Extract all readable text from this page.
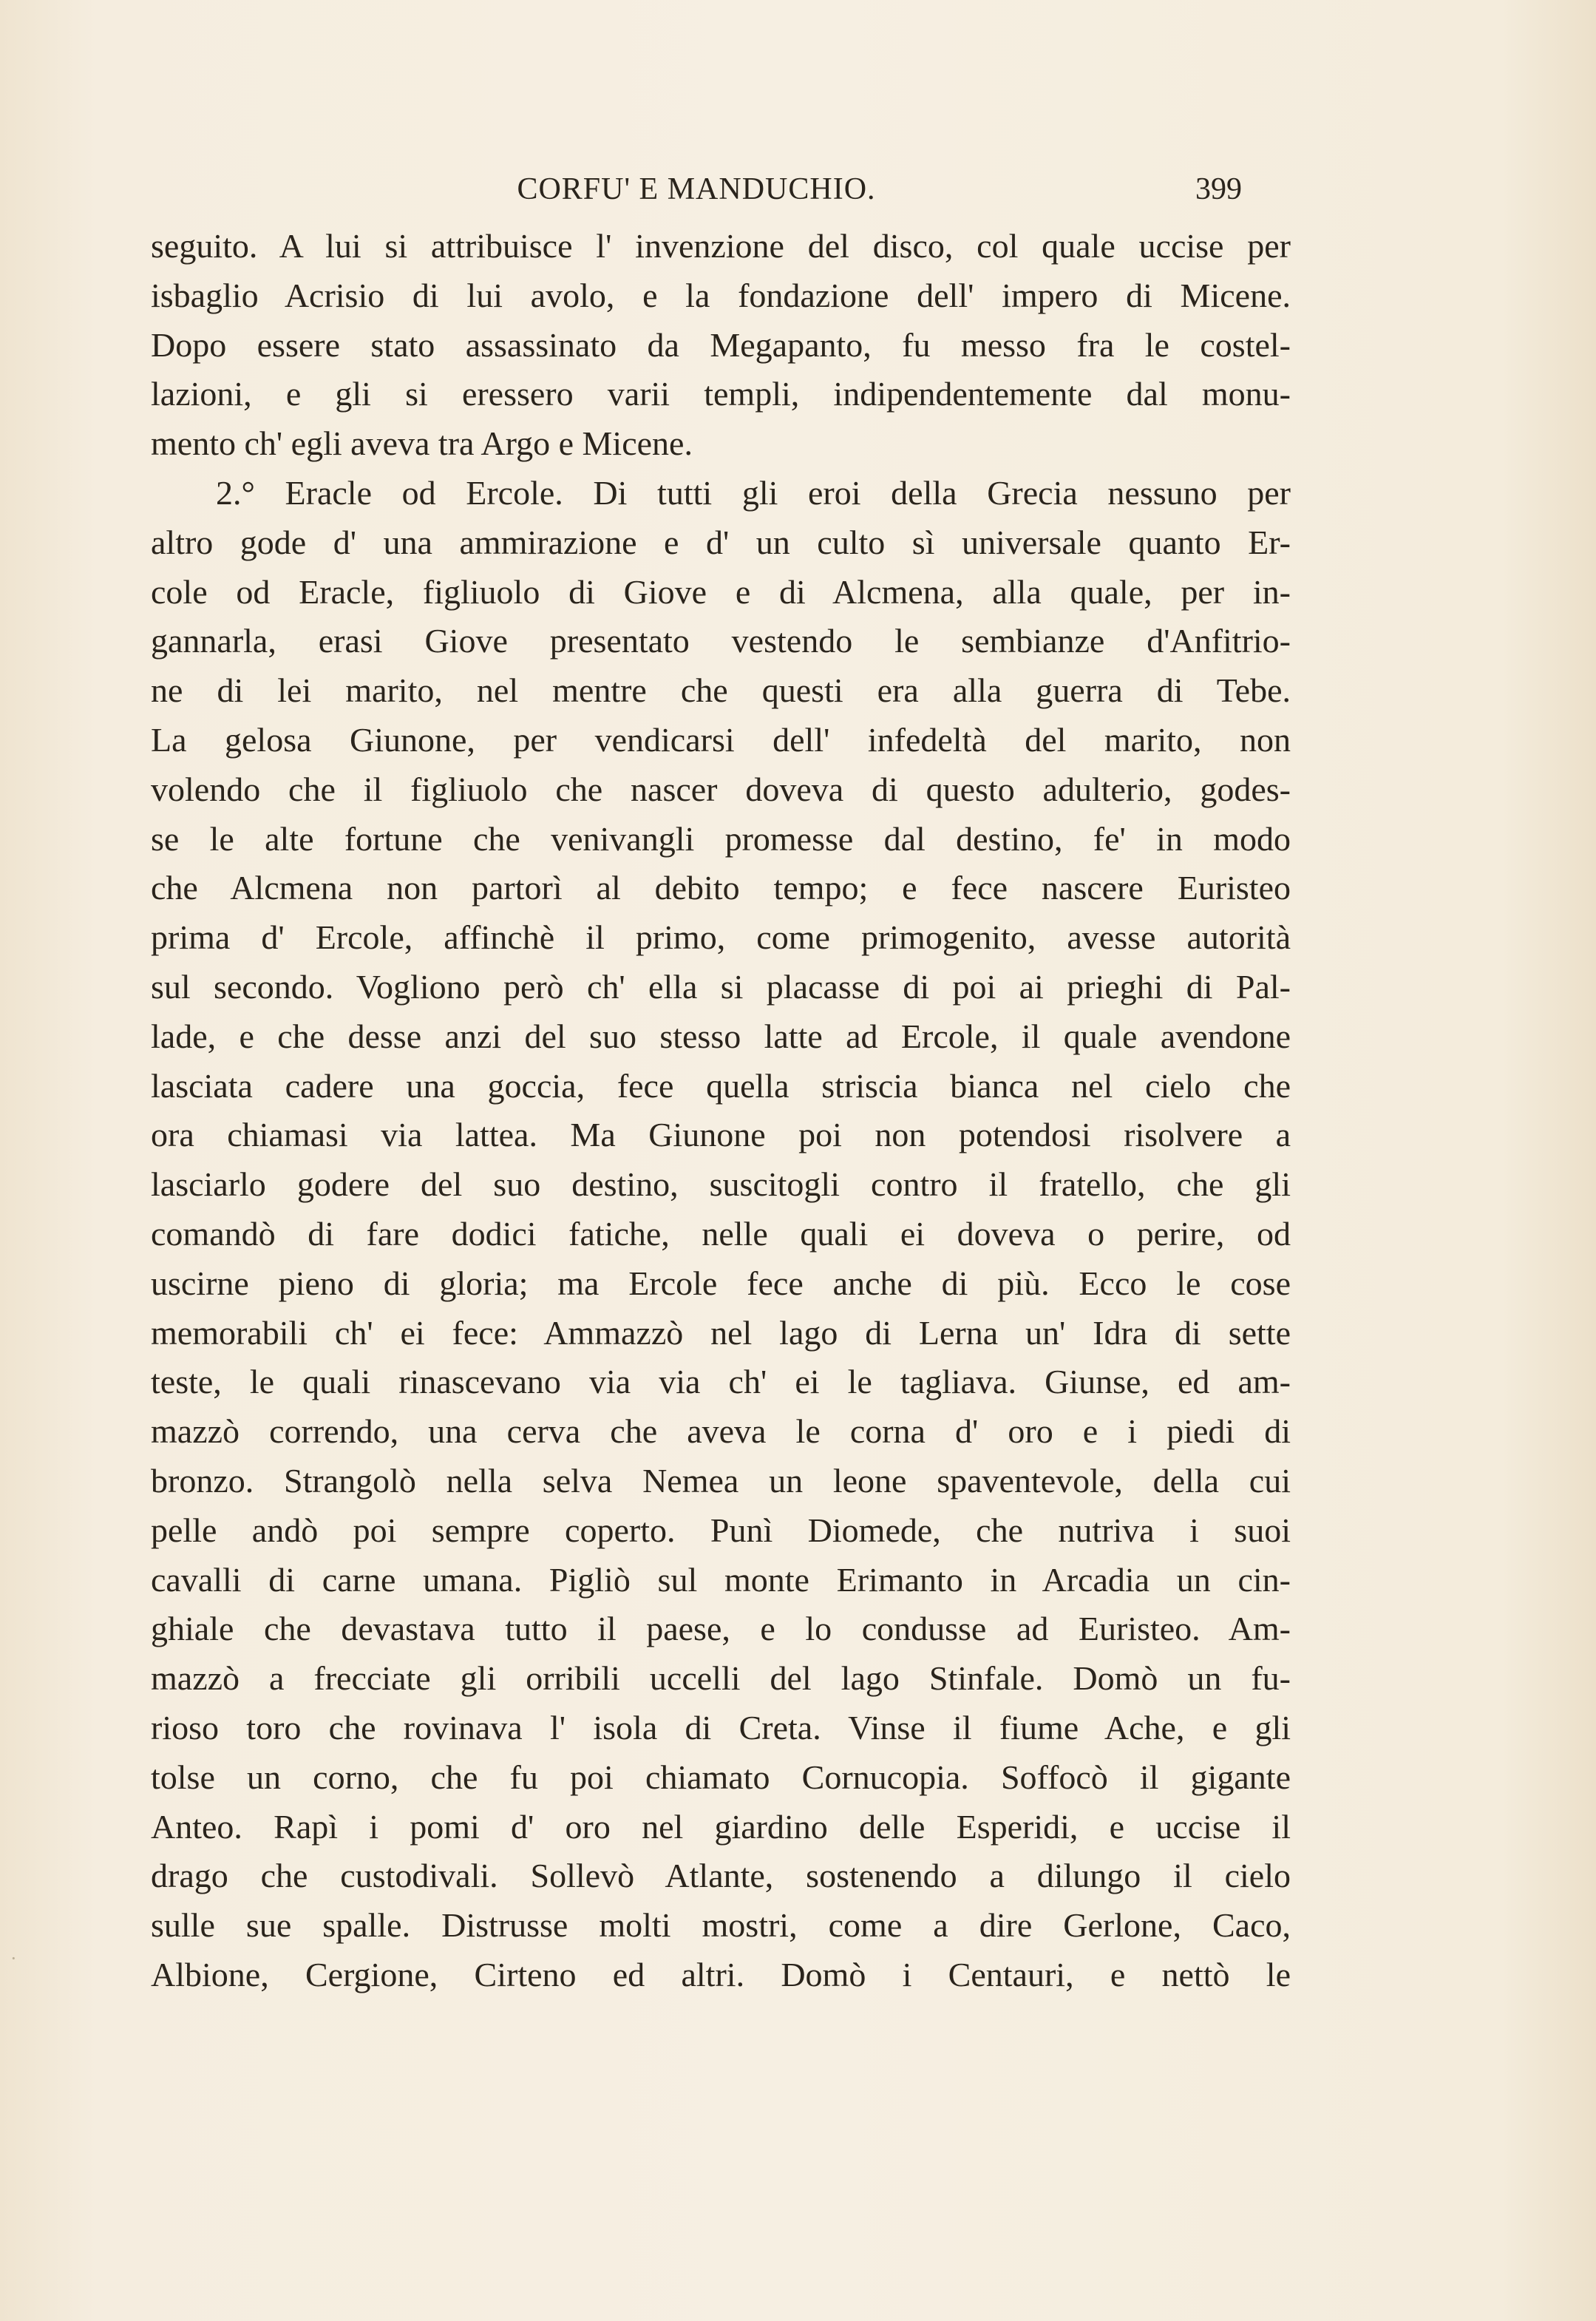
CORFU' E MANDUCHIO.	399
seguito. A lui si attribuisce l' invenzione del disco, col quale uccise per
isbaglio Acrisio di lui avolo, e la fondazione dell' impero di Micene.
Dopo essere stato assassinato da Megapanto, fu messo fra le costel-
lazioni, e gli si eressero varii templi, indipendentemente dal monu-
mento ch' egli aveva tra Argo e Micene.
2.° Eracle od Ercole. Di tutti gli eroi della Grecia nessuno per
altro gode d' una ammirazione e d' un culto sì universale quanto Er-
cole od Eracle, figliuolo di Giove e di Alcmena, alla quale, per in-
gannarla, erasi Giove presentato vestendo le sembianze d'Anfitrio-
ne di lei marito, nel mentre che questi era alla guerra di Tebe.
La gelosa Giunone, per vendicarsi dell' infedeltà del marito, non
volendo che il figliuolo che nascer doveva di questo adulterio, godes-
se le alte fortune che venivangli promesse dal destino, fe' in modo
che Alcmena non partorì al debito tempo; e fece nascere Euristeo
prima d' Ercole, affinchè il primo, come primogenito, avesse autorità
sul secondo. Vogliono però ch' ella si placasse di poi ai prieghi di Pal-
lade, e che desse anzi del suo stesso latte ad Ercole, il quale avendone
lasciata cadere una goccia, fece quella striscia bianca nel cielo che
ora chiamasi via lattea. Ma Giunone poi non potendosi risolvere a
lasciarlo godere del suo destino, suscitogli contro il fratello, che gli
comandò di fare dodici fatiche, nelle quali ei doveva o perire, od
uscirne pieno di gloria; ma Ercole fece anche di più. Ecco le cose
memorabili ch' ei fece: Ammazzò nel lago di Lerna un' Idra di sette
teste, le quali rinascevano via via ch' ei le tagliava. Giunse, ed am-
mazzò correndo, una cerva che aveva le corna d' oro e i piedi di
bronzo. Strangolò nella selva Nemea un leone spaventevole, della cui
pelle andò poi sempre coperto. Punì Diomede, che nutriva i suoi
cavalli di carne umana. Pigliò sul monte Erimanto in Arcadia un cin-
ghiale che devastava tutto il paese, e lo condusse ad Euristeo. Am-
mazzò a frecciate gli orribili uccelli del lago Stinfale. Domò un fu-
rioso toro che rovinava l' isola di Creta. Vinse il fiume Ache, e gli
tolse un corno, che fu poi chiamato Cornucopia. Soffocò il gigante
Anteo. Rapì i pomi d' oro nel giardino delle Esperidi, e uccise il
drago che custodivali. Sollevò Atlante, sostenendo a dilungo il cielo
sulle sue spalle. Distrusse molti mostri, come a dire Gerlone, Caco,
Albione, Cergione, Cirteno ed altri. Domò i Centauri, e nettò le
·
